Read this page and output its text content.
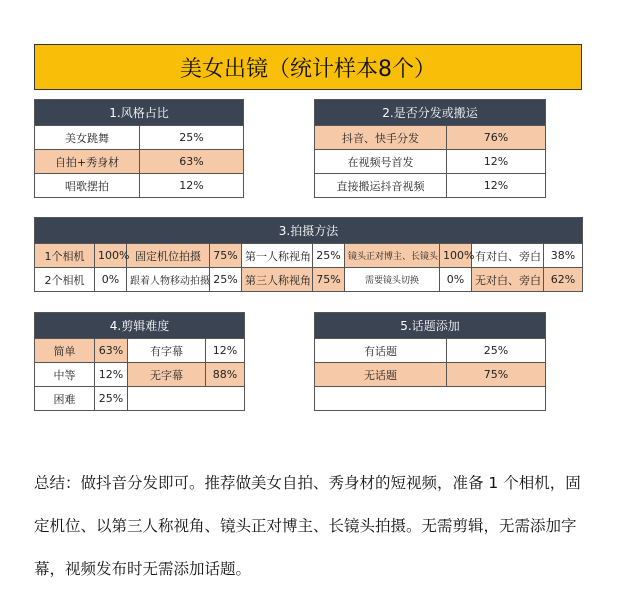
美女出镜（统计样本8个）
1.风格占比	
美女跳舞	25%
自拍+秀身材	63%
唱歌摆拍	12%
2.是否分发或搬运	
抖音、快手分发	76%
在视频号首发	12%
直接搬运抖音视频	12%
3.拍摄方法									
1个相机	100%	固定机位拍摄	75%	第一人称视角	25%	镜头正对博主、长镜头	100%	有对白、旁白	38%
2个相机	0%	跟着人物移动拍摄	25%	第三人称视角	75%	需要镜头切换	0%	无对白、旁白	62%
4.剪辑难度			
简单	63%	有字幕	12%
中等	12%	无字幕	88%
困难	25%		
5.话题添加	
有话题	25%
无话题	75%

总结：做抖音分发即可。推荐做美女自拍、秀身材的短视频，准备 1 个相机，固定机位、以第三人称视角、镜头正对博主、长镜头拍摄。无需剪辑，无需添加字幕，视频发布时无需添加话题。
